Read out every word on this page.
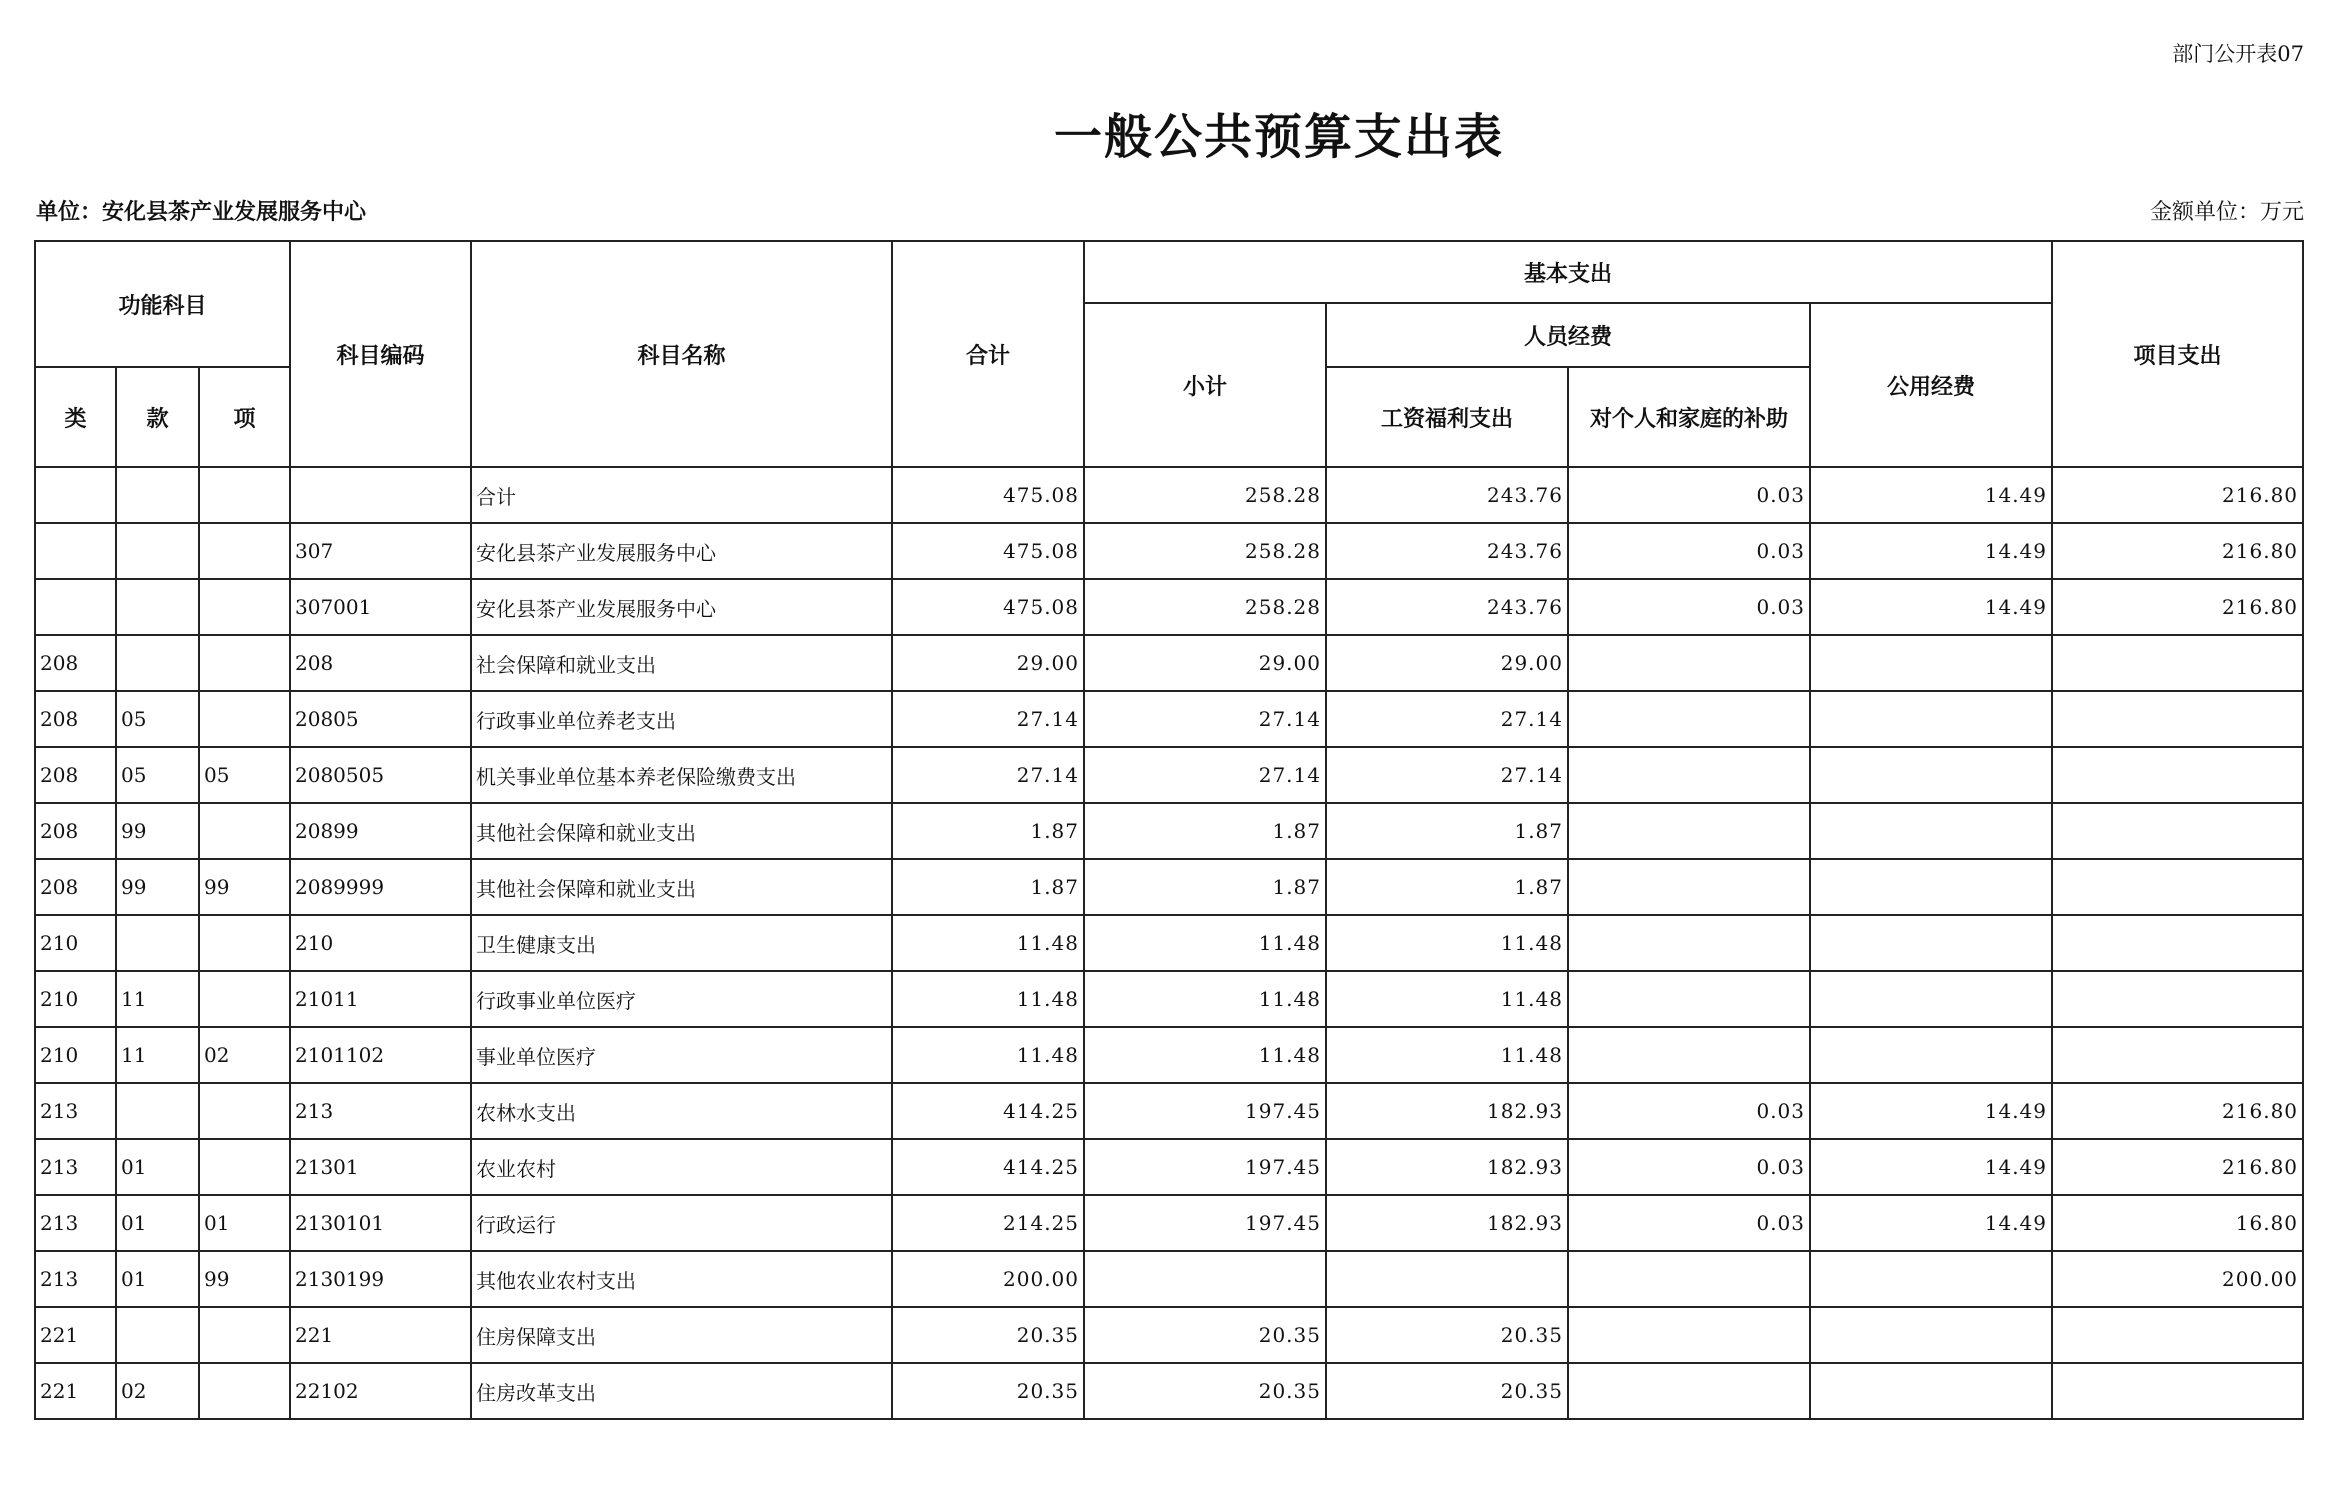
部门公开表07
一般公共预算支出表
单位：安化县茶产业发展服务中心	金额单位：万元
功能科目			科目编码	科目名称	合计	基本支出				项目支出
						小计	人员经费		公用经费	
类	款	项					工资福利支出	对个人和家庭的补助		
				合计	475.08	258.28	243.76	0.03	14.49	216.80
			307	安化县茶产业发展服务中心	475.08	258.28	243.76	0.03	14.49	216.80
			307001	安化县茶产业发展服务中心	475.08	258.28	243.76	0.03	14.49	216.80
208			208	社会保障和就业支出	29.00	29.00	29.00			
208	05		20805	行政事业单位养老支出	27.14	27.14	27.14			
208	05	05	2080505	机关事业单位基本养老保险缴费支出	27.14	27.14	27.14			
208	99		20899	其他社会保障和就业支出	1.87	1.87	1.87			
208	99	99	2089999	其他社会保障和就业支出	1.87	1.87	1.87			
210			210	卫生健康支出	11.48	11.48	11.48			
210	11		21011	行政事业单位医疗	11.48	11.48	11.48			
210	11	02	2101102	事业单位医疗	11.48	11.48	11.48			
213			213	农林水支出	414.25	197.45	182.93	0.03	14.49	216.80
213	01		21301	农业农村	414.25	197.45	182.93	0.03	14.49	216.80
213	01	01	2130101	行政运行	214.25	197.45	182.93	0.03	14.49	16.80
213	01	99	2130199	其他农业农村支出	200.00					200.00
221			221	住房保障支出	20.35	20.35	20.35			
221	02		22102	住房改革支出	20.35	20.35	20.35			
